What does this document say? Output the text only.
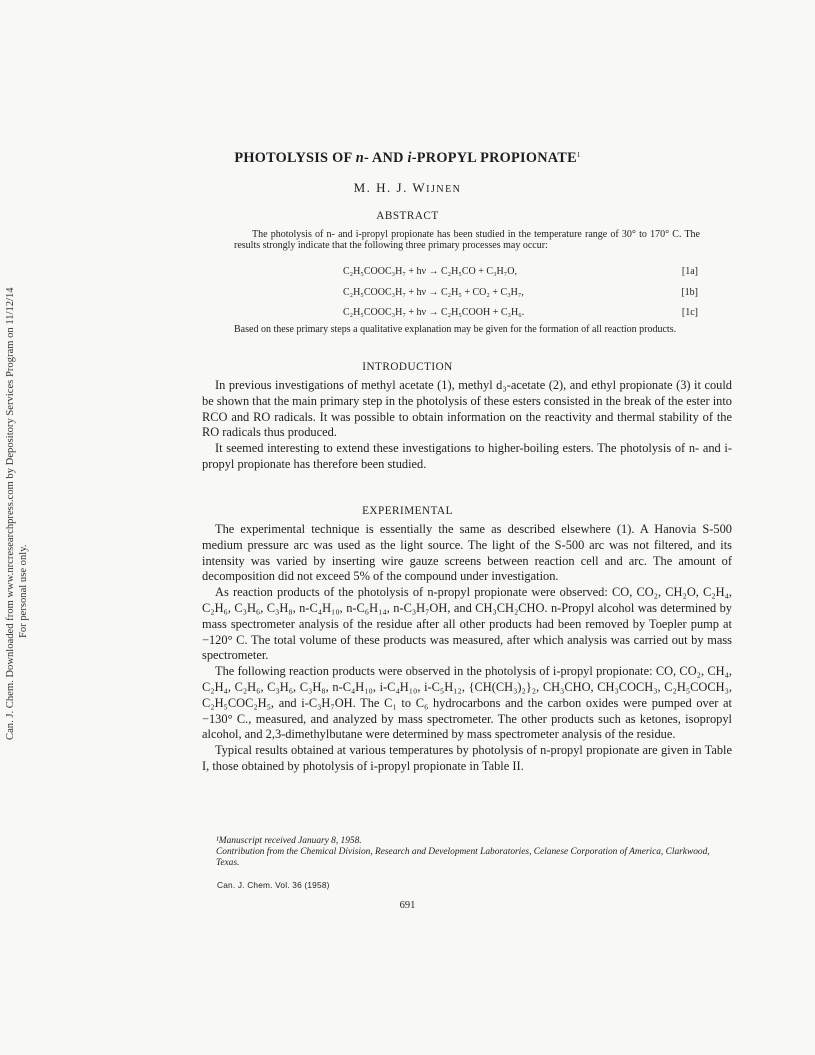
Can. J. Chem. Downloaded from www.nrcresearchpress.com by Depository Services Program on 11/12/14 For personal use only.
PHOTOLYSIS OF n- AND i-PROPYL PROPIONATE$^1$
M. H. J. WIJNEN
ABSTRACT
The photolysis of n- and i-propyl propionate has been studied in the temperature range of 30° to 170° C. The results strongly indicate that the following three primary processes may occur:
C₂H₅COOC₃H₇ + hν → C₂H₅CO + C₃H₇O,	[1a]
C₂H₅COOC₃H₇ + hν → C₂H₅ + CO₂ + C₃H₇,	[1b]
C₂H₅COOC₃H₇ + hν → C₂H₅COOH + C₃H₆.	[1c]
Based on these primary steps a qualitative explanation may be given for the formation of all reaction products.
INTRODUCTION

In previous investigations of methyl acetate (1), methyl d₃-acetate (2), and ethyl propionate (3) it could be shown that the main primary step in the photolysis of these esters consisted in the break of the ester into RCO and RO radicals. It was possible to obtain information on the reactivity and thermal stability of the RO radicals thus produced.

It seemed interesting to extend these investigations to higher-boiling esters. The photolysis of n- and i-propyl propionate has therefore been studied.

EXPERIMENTAL

The experimental technique is essentially the same as described elsewhere (1). A Hanovia S-500 medium pressure arc was used as the light source. The light of the S-500 arc was not filtered, and its intensity was varied by inserting wire gauze screens between reaction cell and arc. The amount of decomposition did not exceed 5% of the compound under investigation.

As reaction products of the photolysis of n-propyl propionate were observed: CO, CO₂, CH₂O, C₂H₄, C₂H₆, C₃H₆, C₃H₈, n-C₄H₁₀, n-C₆H₁₄, n-C₃H₇OH, and CH₃CH₂CHO. n-Propyl alcohol was determined by mass spectrometer analysis of the residue after all other products had been removed by Toepler pump at −120° C. The total volume of these products was measured, after which analysis was carried out by mass spectrometer.

The following reaction products were observed in the photolysis of i-propyl propionate: CO, CO₂, CH₄, C₂H₄, C₂H₆, C₃H₆, C₃H₈, n-C₄H₁₀, i-C₄H₁₀, i-C₅H₁₂, {CH(CH₃)₂}₂, CH₃CHO, CH₃COCH₃, C₂H₅COCH₃, C₂H₅COC₂H₅, and i-C₃H₇OH. The C₁ to C₆ hydrocarbons and the carbon oxides were pumped over at −130° C., measured, and analyzed by mass spectrometer. The other products such as ketones, isopropyl alcohol, and 2,3-dimethylbutane were determined by mass spectrometer analysis of the residue.

Typical results obtained at various temperatures by photolysis of n-propyl propionate are given in Table I, those obtained by photolysis of i-propyl propionate in Table II.

¹Manuscript received January 8, 1958.

Contribution from the Chemical Division, Research and Development Laboratories, Celanese Corporation of America, Clarkwood, Texas.

Can. J. Chem. Vol. 36 (1958)
691
